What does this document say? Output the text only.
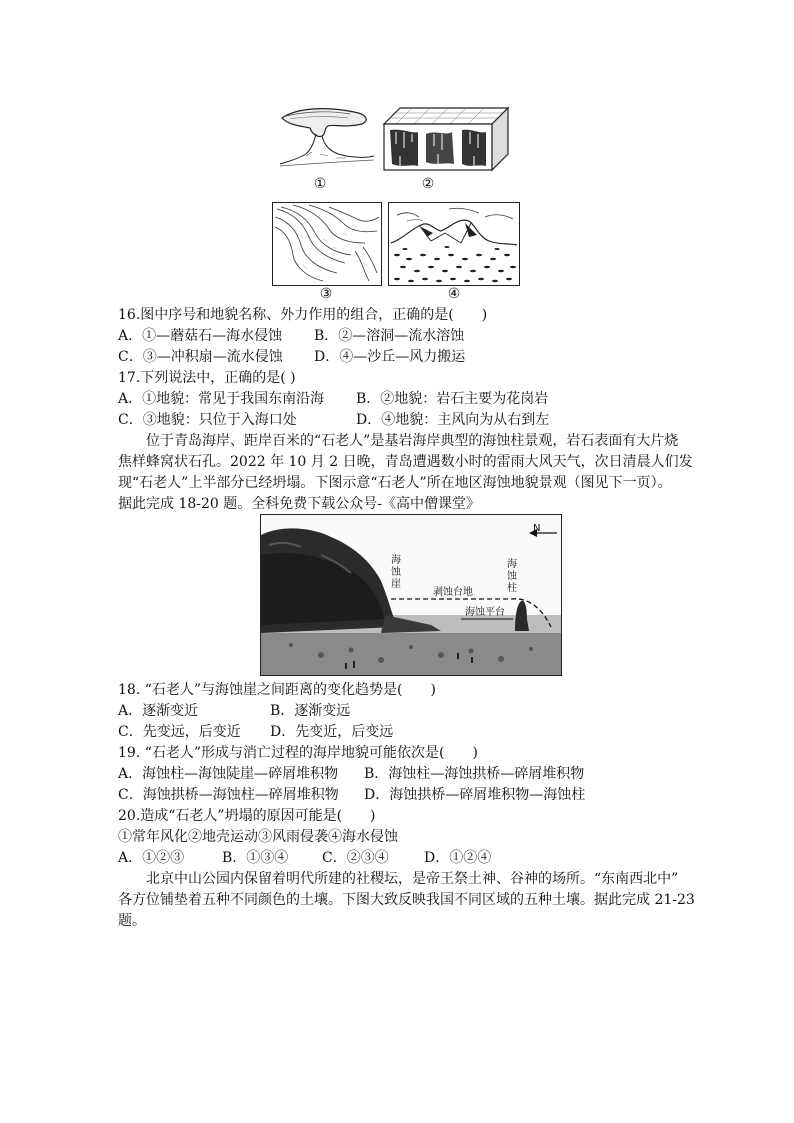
①	②
③	④
16.图中序号和地貌名称、外力作用的组合，正确的是(　　)
A．①—蘑菇石—海水侵蚀 B．②—溶洞—流水溶蚀
C．③—冲积扇—流水侵蚀 D．④—沙丘—风力搬运
17.下列说法中，正确的是( )
A．①地貌：常见于我国东南沿海 B．②地貌：岩石主要为花岗岩
C．③地貌：只位于入海口处	D．④地貌：主风向为从右到左
位于青岛海岸、距岸百米的“石老人”是基岩海岸典型的海蚀柱景观，岩石表面有大片烧
焦样蜂窝状石孔。2022 年 10 月 2 日晚，青岛遭遇数小时的雷雨大风天气，次日清晨人们发
现“石老人”上半部分已经坍塌。下图示意“石老人”所在地区海蚀地貌景观（图见下一页）。
据此完成 18-20 题。全科免费下载公众号-《高中僧课堂》
N
海蚀崖
海蚀柱
剥蚀台地
海蚀平台
18. “石老人”与海蚀崖之间距离的变化趋势是(　　)
A．逐渐变近	B．逐渐变远
C．先变远，后变近 D．先变近，后变远
19. “石老人”形成与消亡过程的海岸地貌可能依次是(　　)
A．海蚀柱—海蚀陡崖—碎屑堆积物 B．海蚀柱—海蚀拱桥—碎屑堆积物
C．海蚀拱桥—海蚀柱—碎屑堆积物 D．海蚀拱桥—碎屑堆积物—海蚀柱
20.造成“石老人”坍塌的原因可能是(　　)
①常年风化②地壳运动③风雨侵袭④海水侵蚀
A．①②③	B．①③④ C．②③④	D．①②④
北京中山公园内保留着明代所建的社稷坛，是帝王祭土神、谷神的场所。“东南西北中”
各方位铺垫着五种不同颜色的土壤。下图大致反映我国不同区域的五种土壤。据此完成 21-23
题。
